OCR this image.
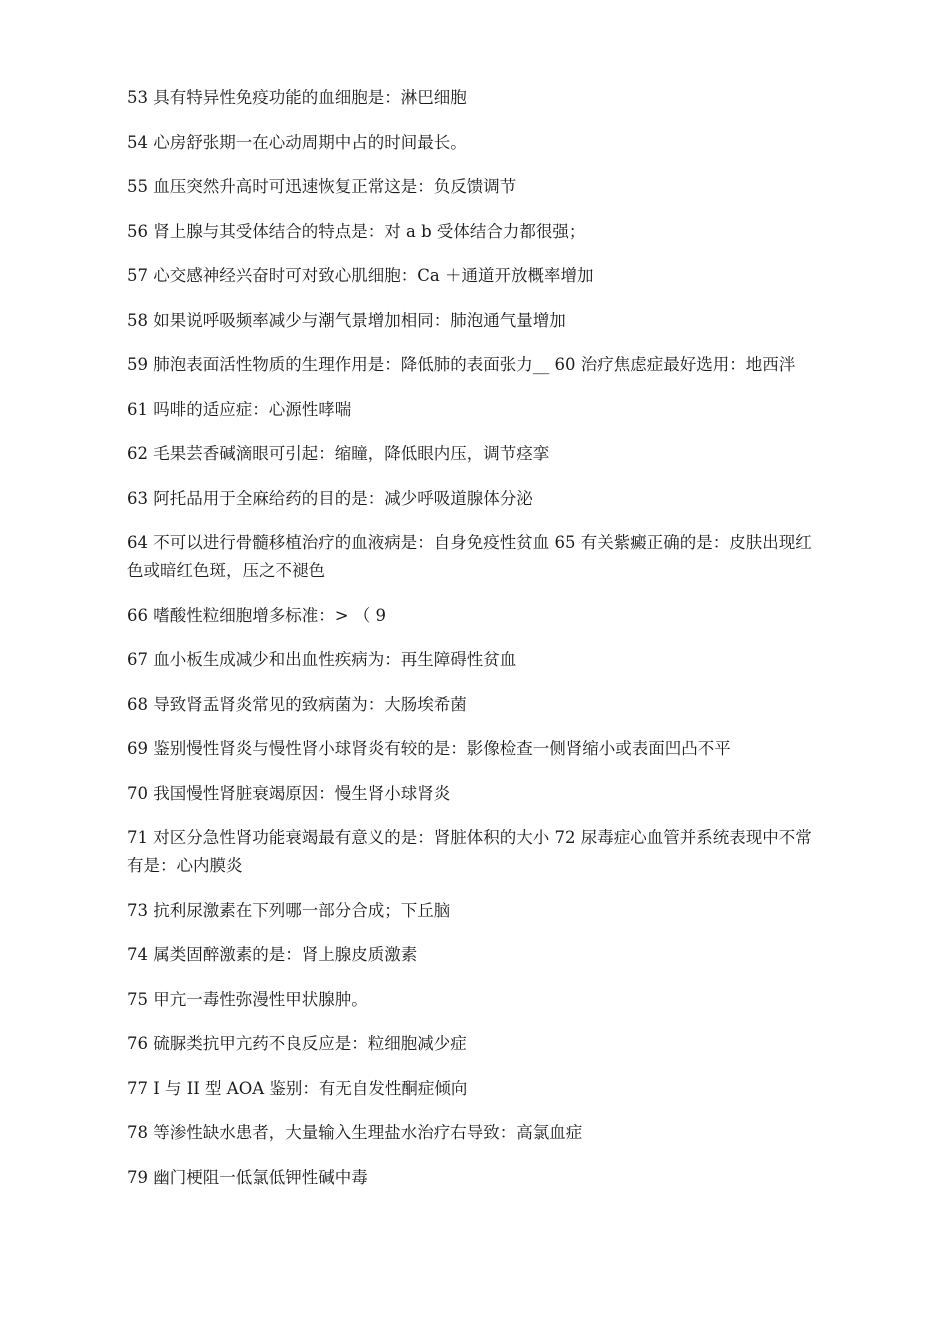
53 具有特异性免疫功能的血细胞是：淋巴细胞

54 心房舒张期一在心动周期中占的时间最长。

55 血压突然升高时可迅速恢复正常这是：负反馈调节

56 肾上腺与其受体结合的特点是：对 a b 受体结合力都很强；

57 心交感神经兴奋时可对致心肌细胞：Ca ＋通道开放概率增加

58 如果说呼吸频率减少与潮气景增加相同：肺泡通气量增加

59 肺泡表面活性物质的生理作用是：降低肺的表面张力__ 60 治疗焦虑症最好选用：地西泮

61 吗啡的适应症：心源性哮喘

62 毛果芸香碱滴眼可引起：缩瞳，降低眼内压，调节痉挛

63 阿托品用于全麻给药的目的是：减少呼吸道腺体分泌

64 不可以进行骨髓移植治疗的血液病是：自身免疫性贫血 65 有关紫癜正确的是：皮肤出现红色或暗红色斑，压之不褪色

66 嗜酸性粒细胞增多标准：> （ 9

67 血小板生成减少和出血性疾病为：再生障碍性贫血

68 导致肾盂肾炎常见的致病菌为：大肠埃希菌

69 鉴别慢性肾炎与慢性肾小球肾炎有较的是：影像检查一侧肾缩小或表面凹凸不平

70 我国慢性肾脏衰竭原因：慢生肾小球肾炎

71 对区分急性肾功能衰竭最有意义的是：肾脏体积的大小 72 尿毒症心血管并系统表现中不常有是：心内膜炎

73 抗利尿激素在下列哪一部分合成；下丘脑

74 属类固醉激素的是：肾上腺皮质激素

75 甲亢一毒性弥漫性甲状腺肿。

76 硫脲类抗甲亢药不良反应是：粒细胞减少症

77 I 与 II 型 AOA 鉴别：有无自发性酮症倾向

78 等渗性缺水患者，大量输入生理盐水治疗右导致：高氯血症

79 幽门梗阻一低氯低钾性碱中毒
